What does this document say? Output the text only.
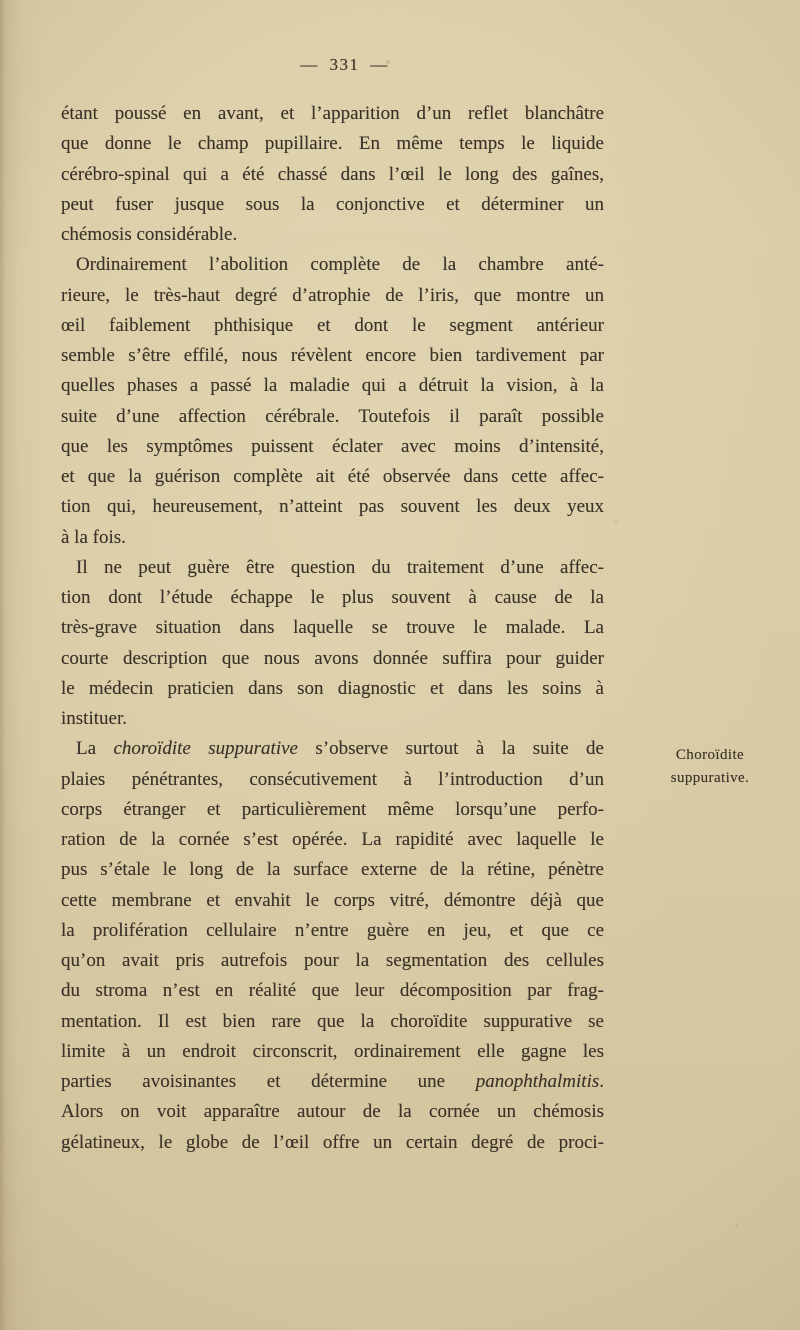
— 331 —
étant poussé en avant, et l’apparition d’un reflet blanchâtre
que donne le champ pupillaire. En même temps le liquide
cérébro-spinal qui a été chassé dans l’œil le long des gaînes,
peut fuser jusque sous la conjonctive et déterminer un
chémosis considérable.
Ordinairement l’abolition complète de la chambre anté-
rieure, le très-haut degré d’atrophie de l’iris, que montre un
œil faiblement phthisique et dont le segment antérieur
semble s’être effilé, nous révèlent encore bien tardivement par
quelles phases a passé la maladie qui a détruit la vision, à la
suite d’une affection cérébrale. Toutefois il paraît possible
que les symptômes puissent éclater avec moins d’intensité,
et que la guérison complète ait été observée dans cette affec-
tion qui, heureusement, n’atteint pas souvent les deux yeux
à la fois.
Il ne peut guère être question du traitement d’une affec-
tion dont l’étude échappe le plus souvent à cause de la
très-grave situation dans laquelle se trouve le malade. La
courte description que nous avons donnée suffira pour guider
le médecin praticien dans son diagnostic et dans les soins à
instituer.
La choroïdite suppurative s’observe surtout à la suite de
plaies pénétrantes, consécutivement à l’introduction d’un
corps étranger et particulièrement même lorsqu’une perfo-
ration de la cornée s’est opérée. La rapidité avec laquelle le
pus s’étale le long de la surface externe de la rétine, pénètre
cette membrane et envahit le corps vitré, démontre déjà que
la prolifération cellulaire n’entre guère en jeu, et que ce
qu’on avait pris autrefois pour la segmentation des cellules
du stroma n’est en réalité que leur décomposition par frag-
mentation. Il est bien rare que la choroïdite suppurative se
limite à un endroit circonscrit, ordinairement elle gagne les
parties avoisinantes et détermine une panophthalmitis.
Alors on voit apparaître autour de la cornée un chémosis
gélatineux, le globe de l’œil offre un certain degré de proci-
Choroïdite
suppurative.
